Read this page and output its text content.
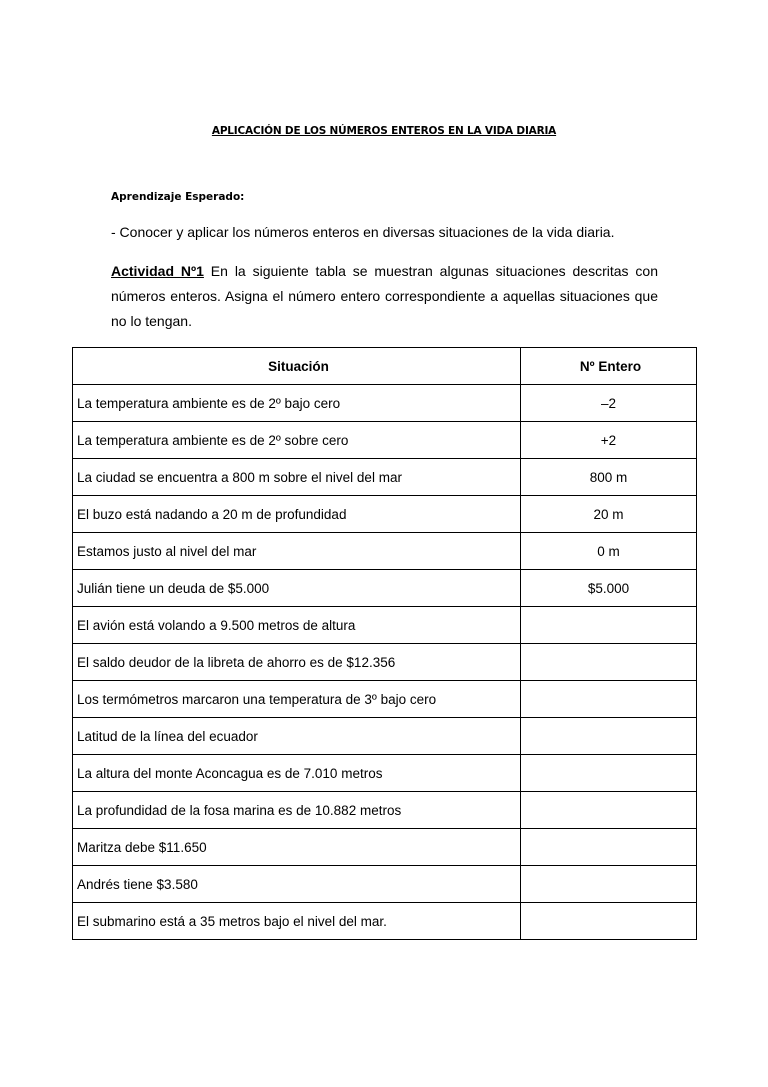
APLICACIÓN DE LOS NÚMEROS ENTEROS EN LA VIDA DIARIA
Aprendizaje Esperado:
- Conocer y aplicar los números enteros en diversas situaciones de la vida diaria.
Actividad Nº1 En la siguiente tabla se muestran algunas situaciones descritas con números enteros. Asigna el número entero correspondiente a aquellas situaciones que no lo tengan.
Situación	Nº Entero
La temperatura ambiente es de 2º bajo cero	–2
La temperatura ambiente es de 2º sobre cero	+2
La ciudad se encuentra a 800 m sobre el nivel del mar	800 m
El buzo está nadando a 20 m de profundidad	20 m
Estamos justo al nivel del mar	0 m
Julián tiene un deuda de $5.000	$5.000
El avión está volando a 9.500 metros de altura	
El saldo deudor de la libreta de ahorro es de $12.356	
Los termómetros marcaron una temperatura de 3º bajo cero	
Latitud de la línea del ecuador	
La altura del monte Aconcagua es de 7.010 metros	
La profundidad de la fosa marina es de 10.882 metros	
Maritza debe $11.650	
Andrés tiene $3.580	
El submarino está a 35 metros bajo el nivel del mar.	
